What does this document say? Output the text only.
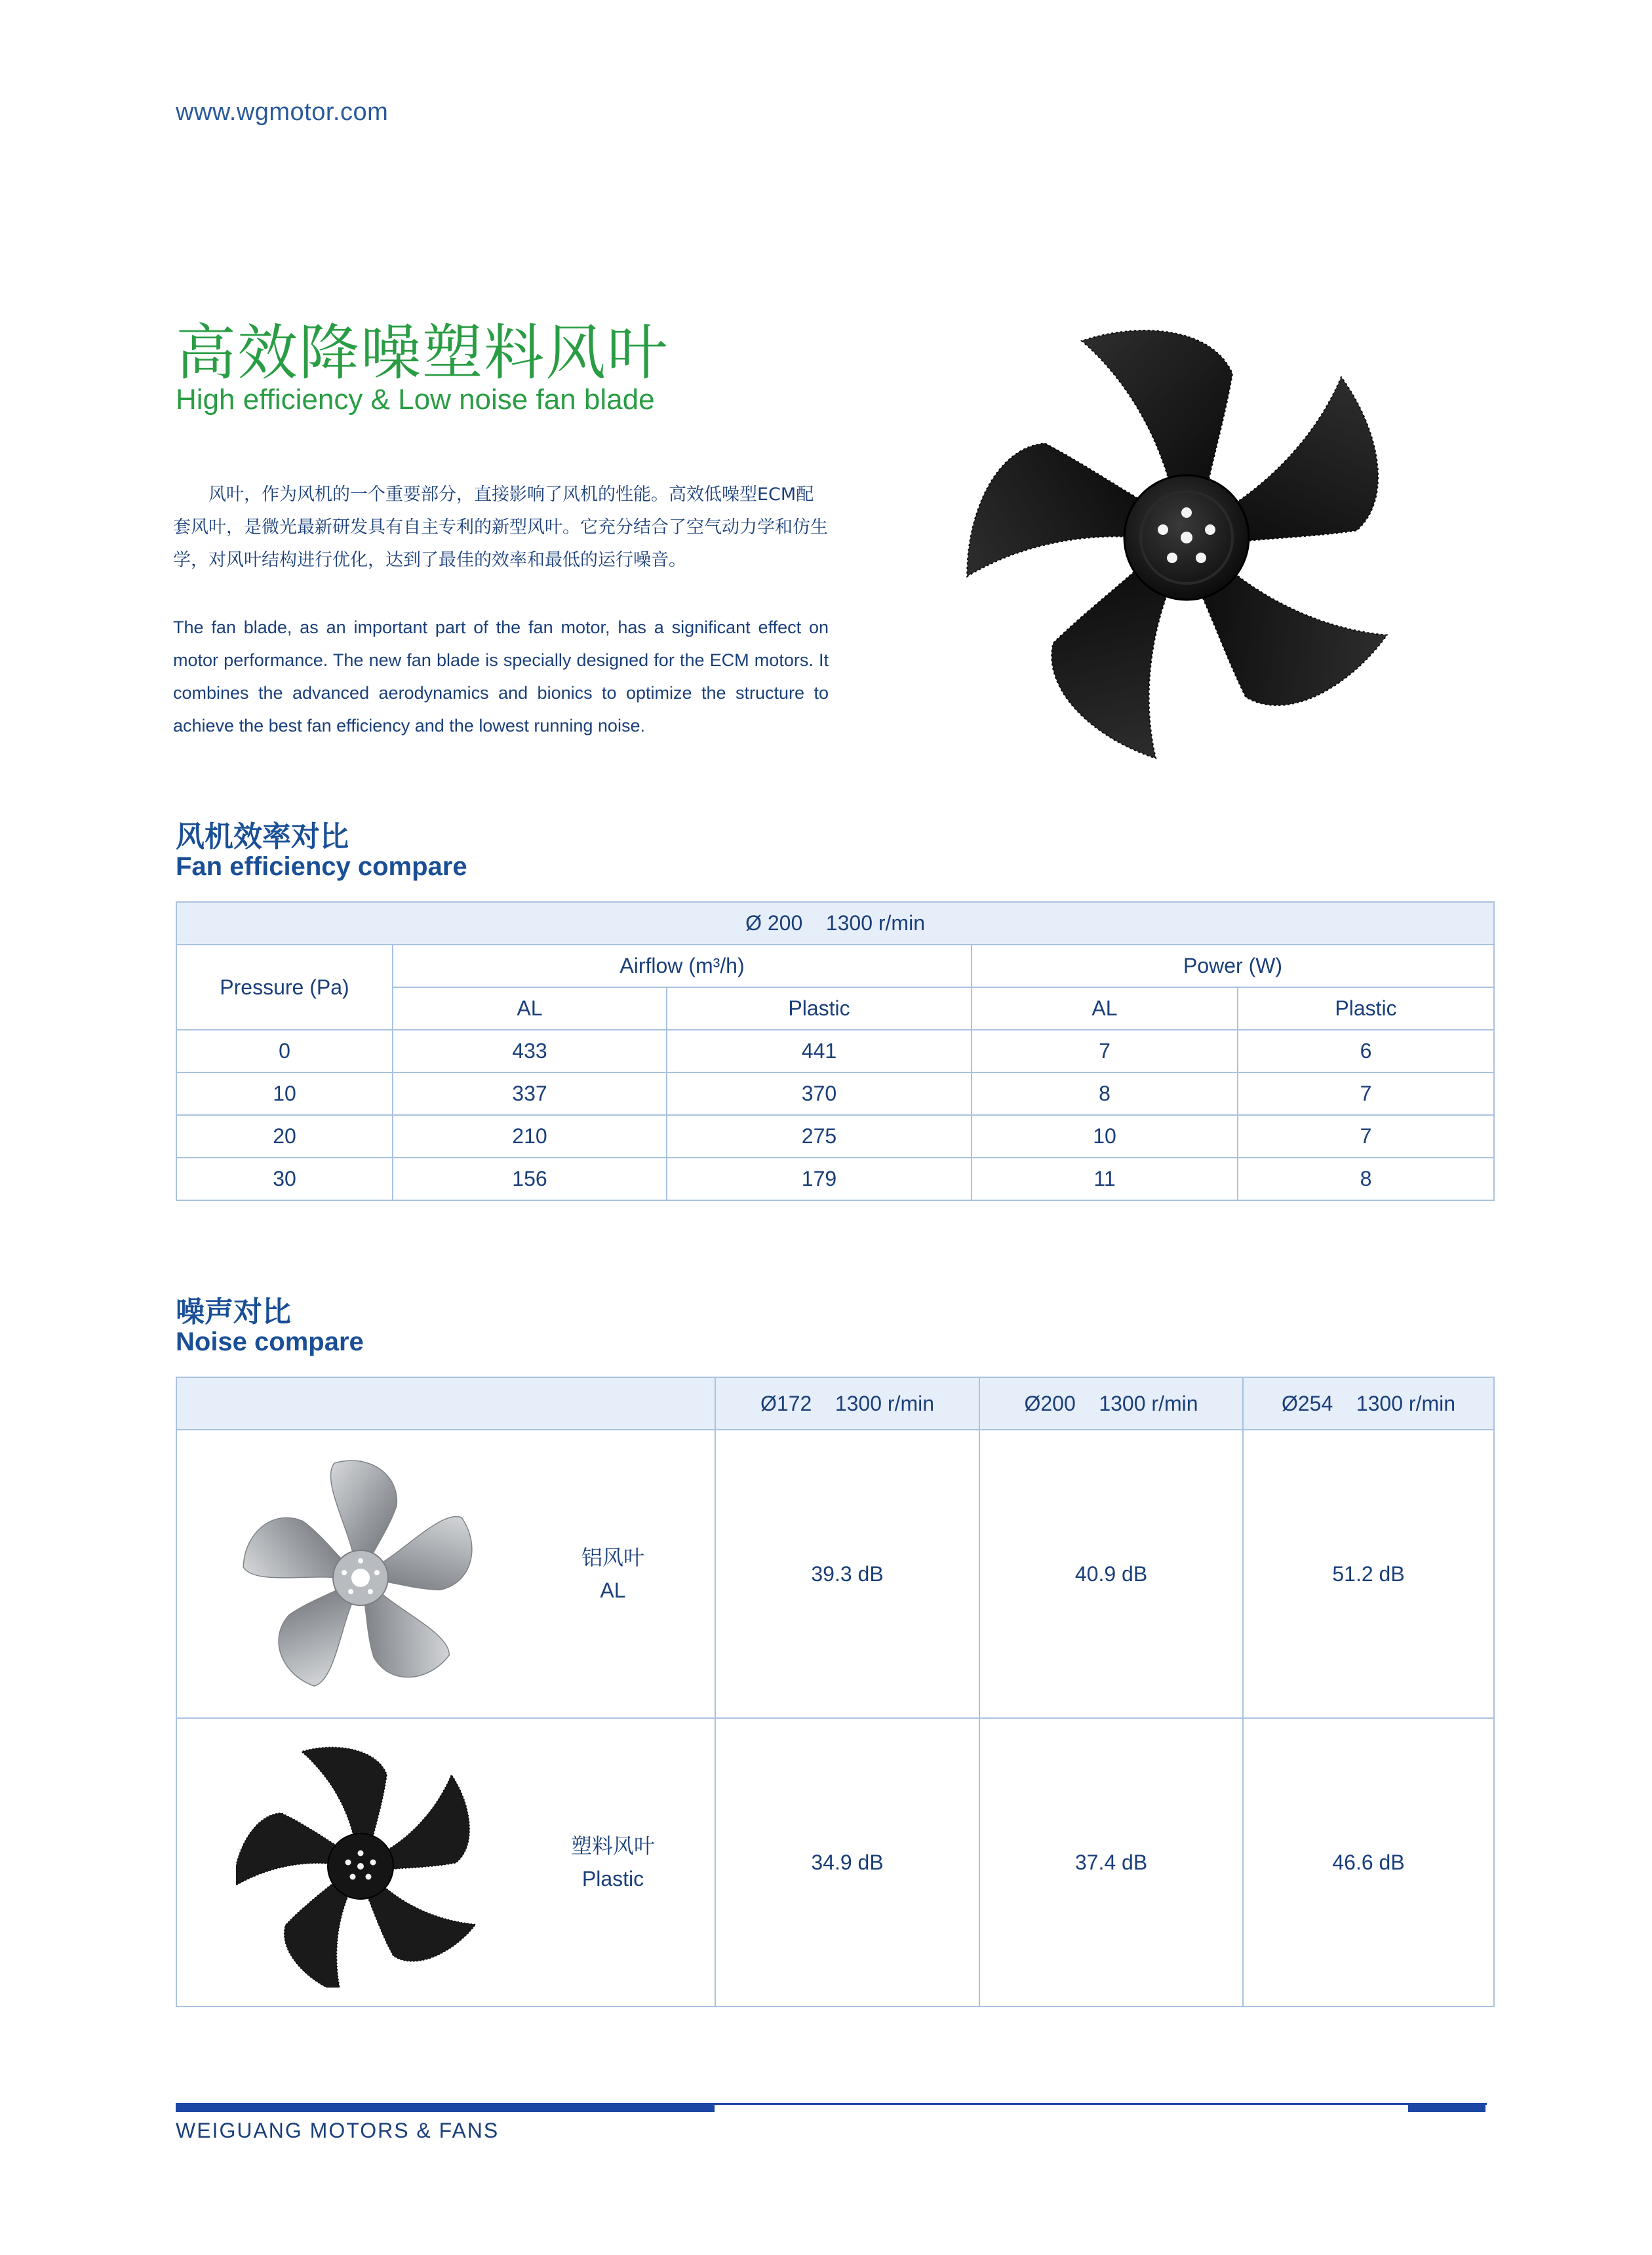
www.wgmotor.com
高效降噪塑料风叶
High efficiency & Low noise fan blade
风叶，作为风机的一个重要部分，直接影响了风机的性能。高效低噪型ECM配套风叶，是微光最新研发具有自主专利的新型风叶。它充分结合了空气动力学和仿生学，对风叶结构进行优化，达到了最佳的效率和最低的运行噪音。
The fan blade, as an important part of the fan motor, has a significant effect on motor performance. The new fan blade is specially designed for the ECM motors. It combines the advanced aerodynamics and bionics to optimize the structure to achieve the best fan efficiency and the lowest running noise.
风机效率对比
Fan efficiency compare
Ø 200    1300 r/min				
Pressure (Pa)	Airflow (m³/h)		Power (W)	
	AL	Plastic	AL	Plastic
0	433	441	7	6
10	337	370	8	7
20	210	275	10	7
30	156	179	11	8
噪声对比
Noise compare
	Ø172    1300 r/min	Ø200    1300 r/min	Ø254    1300 r/min

铝风叶
AL	39.3 dB	40.9 dB	51.2 dB

塑料风叶
Plastic	34.9 dB	37.4 dB	46.6 dB
WEIGUANG MOTORS & FANS
